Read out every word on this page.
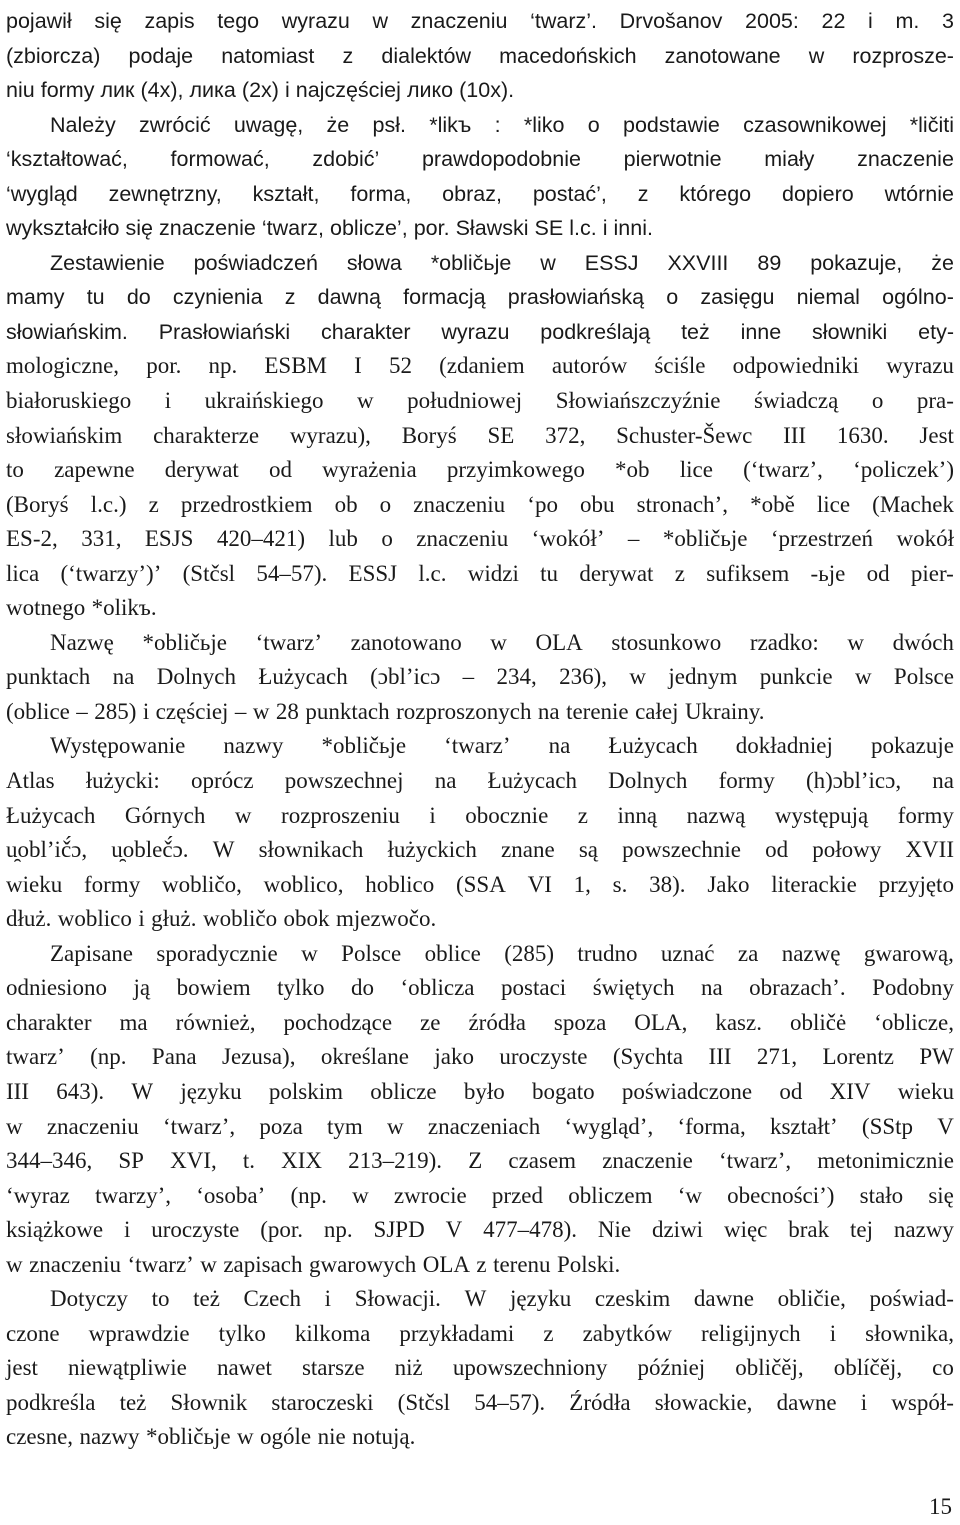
pojawił się zapis tego wyrazu w znaczeniu ‘twarz’. Drvošanov 2005: 22 i m. 3
(zbiorcza) podaje natomiast z dialektów macedońskich zanotowane w rozprosze-
niu formy лик (4x), лика (2x) i najczęściej лико (10x).
Należy zwrócić uwagę, że psł. *likъ : *liko o podstawie czasownikowej *ličiti
‘kształtować, formować, zdobić’ prawdopodobnie pierwotnie miały znaczenie
‘wygląd zewnętrzny, kształt, forma, obraz, postać’, z którego dopiero wtórnie
wykształciło się znaczenie ‘twarz, oblicze’, por. Sławski SE l.c. i inni.
Zestawienie poświadczeń słowa *obličьje w ESSJ XXVIII 89 pokazuje, że
mamy tu do czynienia z dawną formacją prasłowiańską o zasięgu niemal ogólno-
słowiańskim. Prasłowiański charakter wyrazu podkreślają też inne słowniki ety-
mologiczne, por. np. ESBM I 52 (zdaniem autorów ściśle odpowiedniki wyrazu
białoruskiego i ukraińskiego w południowej Słowiańszczyźnie świadczą o pra-
słowiańskim charakterze wyrazu), Boryś SE 372, Schuster-Šewc III 1630. Jest
to zapewne derywat od wyrażenia przyimkowego *ob lice (‘twarz’, ‘policzek’)
(Boryś l.c.) z przedrostkiem ob o znaczeniu ‘po obu stronach’, *obě lice (Machek
ES-2, 331, ESJS 420–421) lub o znaczeniu ‘wokół’ – *obličьje ‘przestrzeń wokół
lica (‘twarzy’)’ (Stčsl 54–57). ESSJ l.c. widzi tu derywat z sufiksem -ьje od pier-
wotnego *olikъ.
Nazwę *obličьje ‘twarz’ zanotowano w OLA stosunkowo rzadko: w dwóch
punktach na Dolnych Łużycach (ɔbl’icɔ – 234, 236), w jednym punkcie w Polsce
(oblice – 285) i częściej – w 28 punktach rozproszonych na terenie całej Ukrainy.
Występowanie nazwy *obličьje ‘twarz’ na Łużycach dokładniej pokazuje
Atlas łużycki: oprócz powszechnej na Łużycach Dolnych formy (h)ɔbl’icɔ, na
Łużycach Górnych w rozproszeniu i obocznie z inną nazwą występują formy
u̯obl’ič́ɔ, u̯obleč́ɔ. W słownikach łużyckich znane są powszechnie od połowy XVII
wieku formy wobličo, woblico, hoblico (SSA VI 1, s. 38). Jako literackie przyjęto
dłuż. woblico i głuż. wobličo obok mjezwočo.
Zapisane sporadycznie w Polsce oblice (285) trudno uznać za nazwę gwarową,
odniesiono ją bowiem tylko do ‘oblicza postaci świętych na obrazach’. Podobny
charakter ma również, pochodzące ze źródła spoza OLA, kasz. obličė ‘oblicze,
twarz’ (np. Pana Jezusa), określane jako uroczyste (Sychta III 271, Lorentz PW
III 643). W języku polskim oblicze było bogato poświadczone od XIV wieku
w znaczeniu ‘twarz’, poza tym w znaczeniach ‘wygląd’, ‘forma, kształt’ (SStp V
344–346, SP XVI, t. XIX 213–219). Z czasem znaczenie ‘twarz’, metonimicznie
‘wyraz twarzy’, ‘osoba’ (np. w zwrocie przed obliczem ‘w obecności’) stało się
książkowe i uroczyste (por. np. SJPD V 477–478). Nie dziwi więc brak tej nazwy
w znaczeniu ‘twarz’ w zapisach gwarowych OLA z terenu Polski.
Dotyczy to też Czech i Słowacji. W języku czeskim dawne obličie, poświad-
czone wprawdzie tylko kilkoma przykładami z zabytków religijnych i słownika,
jest niewątpliwie nawet starsze niż upowszechniony później obličěj, oblíčěj, co
podkreśla też Słownik staroczeski (Stčsl 54–57). Źródła słowackie, dawne i współ-
czesne, nazwy *obličьje w ogóle nie notują.
15
